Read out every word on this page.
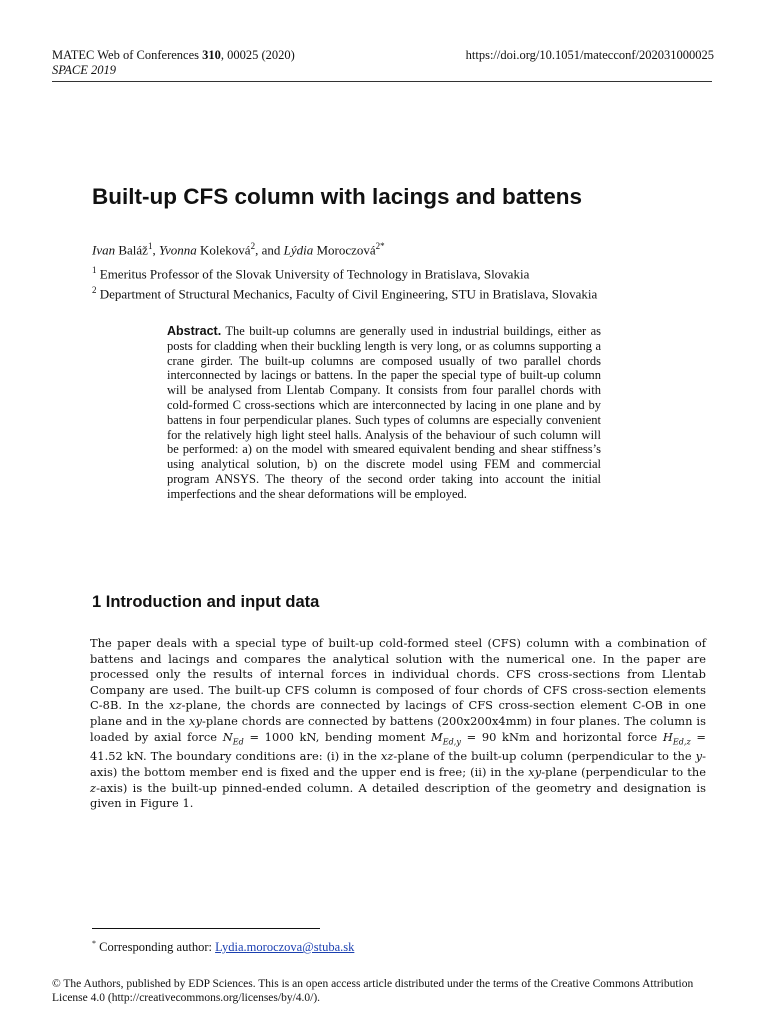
MATEC Web of Conferences 310, 00025 (2020)	https://doi.org/10.1051/matecconf/202031000025
SPACE 2019
Built-up CFS column with lacings and battens
Ivan Baláž$^1$, Yvonna Koleková$^2$, and Lýdia Moroczová$^{2*}$
$^1$ Emeritus Professor of the Slovak University of Technology in Bratislava, Slovakia
$^2$ Department of Structural Mechanics, Faculty of Civil Engineering, STU in Bratislava, Slovakia
Abstract. The built-up columns are generally used in industrial buildings, either as posts for cladding when their buckling length is very long, or as columns supporting a crane girder. The built-up columns are composed usually of two parallel chords interconnected by lacings or battens. In the paper the special type of built-up column will be analysed from Llentab Company. It consists from four parallel chords with cold-formed C cross-sections which are interconnected by lacing in one plane and by battens in four perpendicular planes. Such types of columns are especially convenient for the relatively high light steel halls. Analysis of the behaviour of such column will be performed: a) on the model with smeared equivalent bending and shear stiffness’s using analytical solution, b) on the discrete model using FEM and commercial program ANSYS. The theory of the second order taking into account the initial imperfections and the shear deformations will be employed.
1 Introduction and input data
The paper deals with a special type of built-up cold-formed steel (CFS) column with a combination of battens and lacings and compares the analytical solution with the numerical one. In the paper are processed only the results of internal forces in individual chords. CFS cross-sections from Llentab Company are used. The built-up CFS column is composed of four chords of CFS cross-section elements C-8B. In the xz-plane, the chords are connected by lacings of CFS cross-section element C-OB in one plane and in the xy-plane chords are connected by battens (200x200x4mm) in four planes. The column is loaded by axial force $N_{Ed} = 1000$ kN, bending moment $M_{Ed,y} = 90$ kNm and horizontal force $H_{Ed,z} = 41.52$ kN. The boundary conditions are: (i) in the xz-plane of the built-up column (perpendicular to the y-axis) the bottom member end is fixed and the upper end is free; (ii) in the xy-plane (perpendicular to the z-axis) is the built-up pinned-ended column. A detailed description of the geometry and designation is given in Figure 1.
* Corresponding author: Lydia.moroczova@stuba.sk
© The Authors, published by EDP Sciences. This is an open access article distributed under the terms of the Creative Commons Attribution License 4.0 (http://creativecommons.org/licenses/by/4.0/).
